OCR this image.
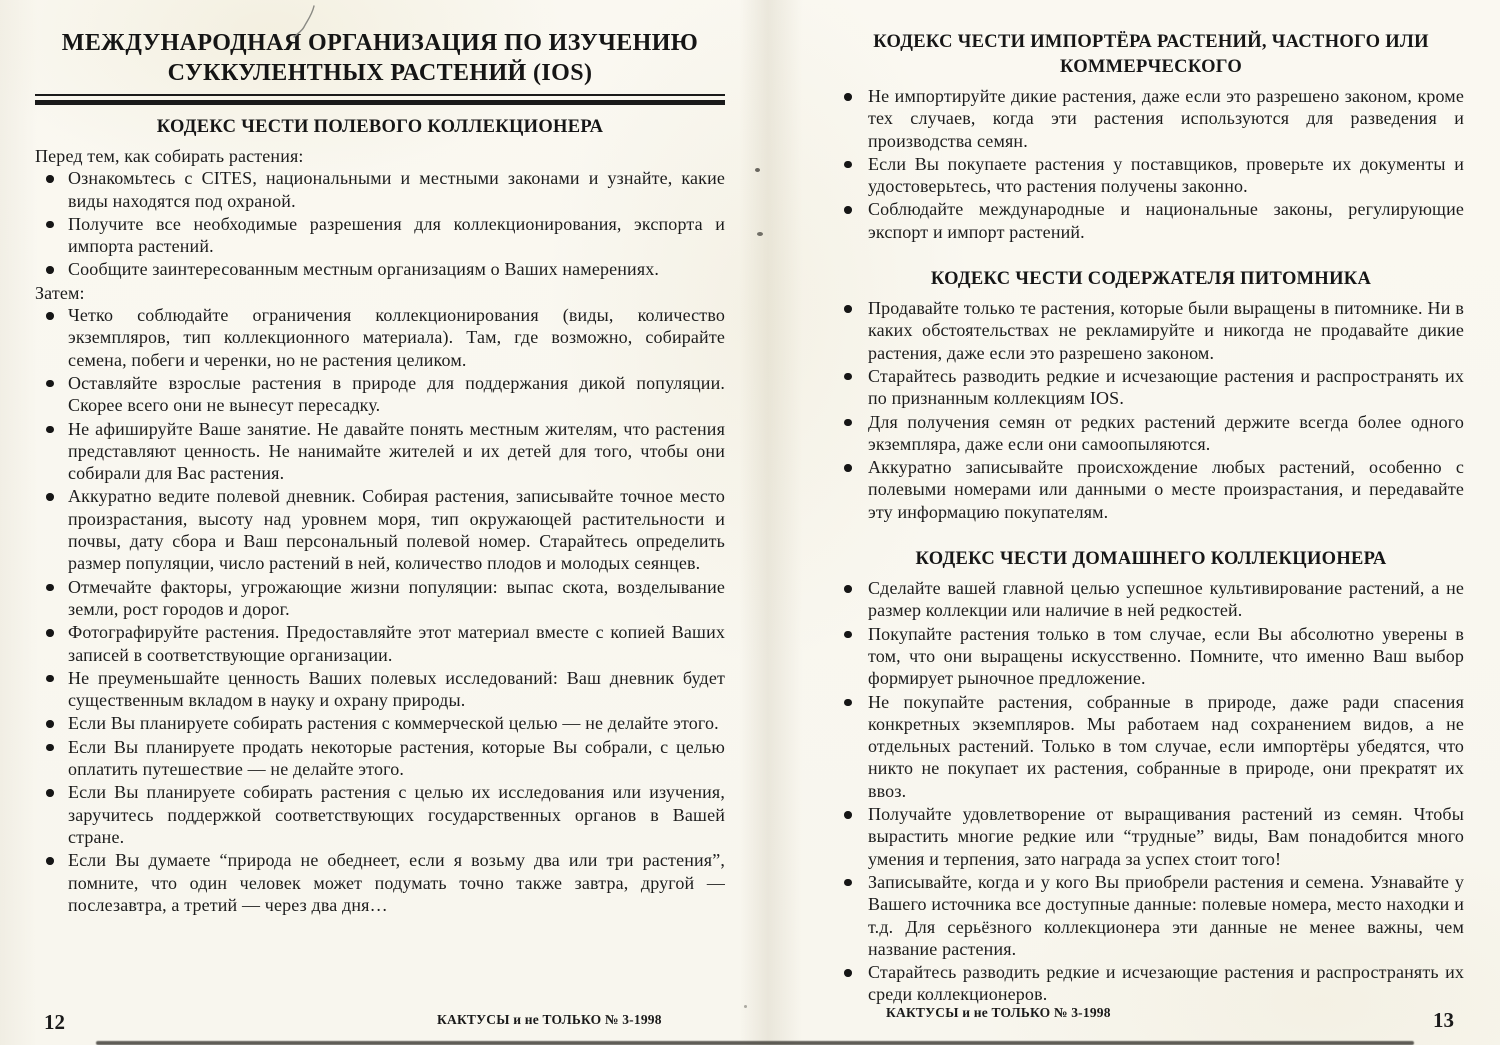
МЕЖДУНАРОДНАЯ ОРГАНИЗАЦИЯ ПО ИЗУЧЕНИЮ СУККУЛЕНТНЫХ РАСТЕНИЙ (IOS)
КОДЕКС ЧЕСТИ ПОЛЕВОГО КОЛЛЕКЦИОНЕРА

Перед тем, как собирать растения:

Ознакомьтесь с CITES, национальными и местными законами и узнайте, какие виды находятся под охраной.
Получите все необходимые разрешения для коллекционирования, экспорта и импорта растений.
Сообщите заинтересованным местным организациям о Ваших намерениях.

Затем:

Четко соблюдайте ограничения коллекционирования (виды, количество экземпляров, тип коллекционного материала). Там, где возможно, собирайте семена, побеги и черенки, но не растения целиком.
Оставляйте взрослые растения в природе для поддержания дикой популяции. Скорее всего они не вынесут пересадку.
Не афишируйте Ваше занятие. Не давайте понять местным жителям, что растения представляют ценность. Не нанимайте жителей и их детей для того, чтобы они собирали для Вас растения.
Аккуратно ведите полевой дневник. Собирая растения, записывайте точное место произрастания, высоту над уровнем моря, тип окружающей растительности и почвы, дату сбора и Ваш персональный полевой номер. Старайтесь определить размер популяции, число растений в ней, количество плодов и молодых сеянцев.
Отмечайте факторы, угрожающие жизни популяции: выпас скота, возделывание земли, рост городов и дорог.
Фотографируйте растения. Предоставляйте этот материал вместе с копией Ваших записей в соответствующие организации.
Не преуменьшайте ценность Ваших полевых исследований: Ваш дневник будет существенным вкладом в науку и охрану природы.
Если Вы планируете собирать растения с коммерческой целью — не делайте этого.
Если Вы планируете продать некоторые растения, которые Вы собрали, с целью оплатить путешествие — не делайте этого.
Если Вы планируете собирать растения с целью их исследования или изучения, заручитесь поддержкой соответствующих государственных органов в Вашей стране.
Если Вы думаете “природа не обеднеет, если я возьму два или три растения”, помните, что один человек может подумать точно также завтра, другой — послезавтра, а третий — через два дня…
КОДЕКС ЧЕСТИ ИМПОРТЁРА РАСТЕНИЙ, ЧАСТНОГО ИЛИ КОММЕРЧЕСКОГО
Не импортируйте дикие растения, даже если это разрешено законом, кроме тех случаев, когда эти растения используются для разведения и производства семян.
Если Вы покупаете растения у поставщиков, проверьте их документы и удостоверьтесь, что растения получены законно.
Соблюдайте международные и национальные законы, регулирующие экспорт и импорт растений.
КОДЕКС ЧЕСТИ СОДЕРЖАТЕЛЯ ПИТОМНИКА
Продавайте только те растения, которые были выращены в питомнике. Ни в каких обстоятельствах не рекламируйте и никогда не продавайте дикие растения, даже если это разрешено законом.
Старайтесь разводить редкие и исчезающие растения и распространять их по признанным коллекциям IOS.
Для получения семян от редких растений держите всегда более одного экземпляра, даже если они самоопыляются.
Аккуратно записывайте происхождение любых растений, особенно с полевыми номерами или данными о месте произрастания, и передавайте эту информацию покупателям.
КОДЕКС ЧЕСТИ ДОМАШНЕГО КОЛЛЕКЦИОНЕРА
Сделайте вашей главной целью успешное культивирование растений, а не размер коллекции или наличие в ней редкостей.
Покупайте растения только в том случае, если Вы абсолютно уверены в том, что они выращены искусственно. Помните, что именно Ваш выбор формирует рыночное предложение.
Не покупайте растения, собранные в природе, даже ради спасения конкретных экземпляров. Мы работаем над сохранением видов, а не отдельных растений. Только в том случае, если импортёры убедятся, что никто не покупает их растения, собранные в природе, они прекратят их ввоз.
Получайте удовлетворение от выращивания растений из семян. Чтобы вырастить многие редкие или “трудные” виды, Вам понадобится много умения и терпения, зато награда за успех стоит того!
Записывайте, когда и у кого Вы приобрели растения и семена. Узнавайте у Вашего источника все доступные данные: полевые номера, место находки и т.д. Для серьёзного коллекционера эти данные не менее важны, чем название растения.
Старайтесь разводить редкие и исчезающие растения и распространять их среди коллекционеров.
КАКТУСЫ и не ТОЛЬКО № 3-1998
12	КАКТУСЫ и не ТОЛЬКО № 3-1998	13
